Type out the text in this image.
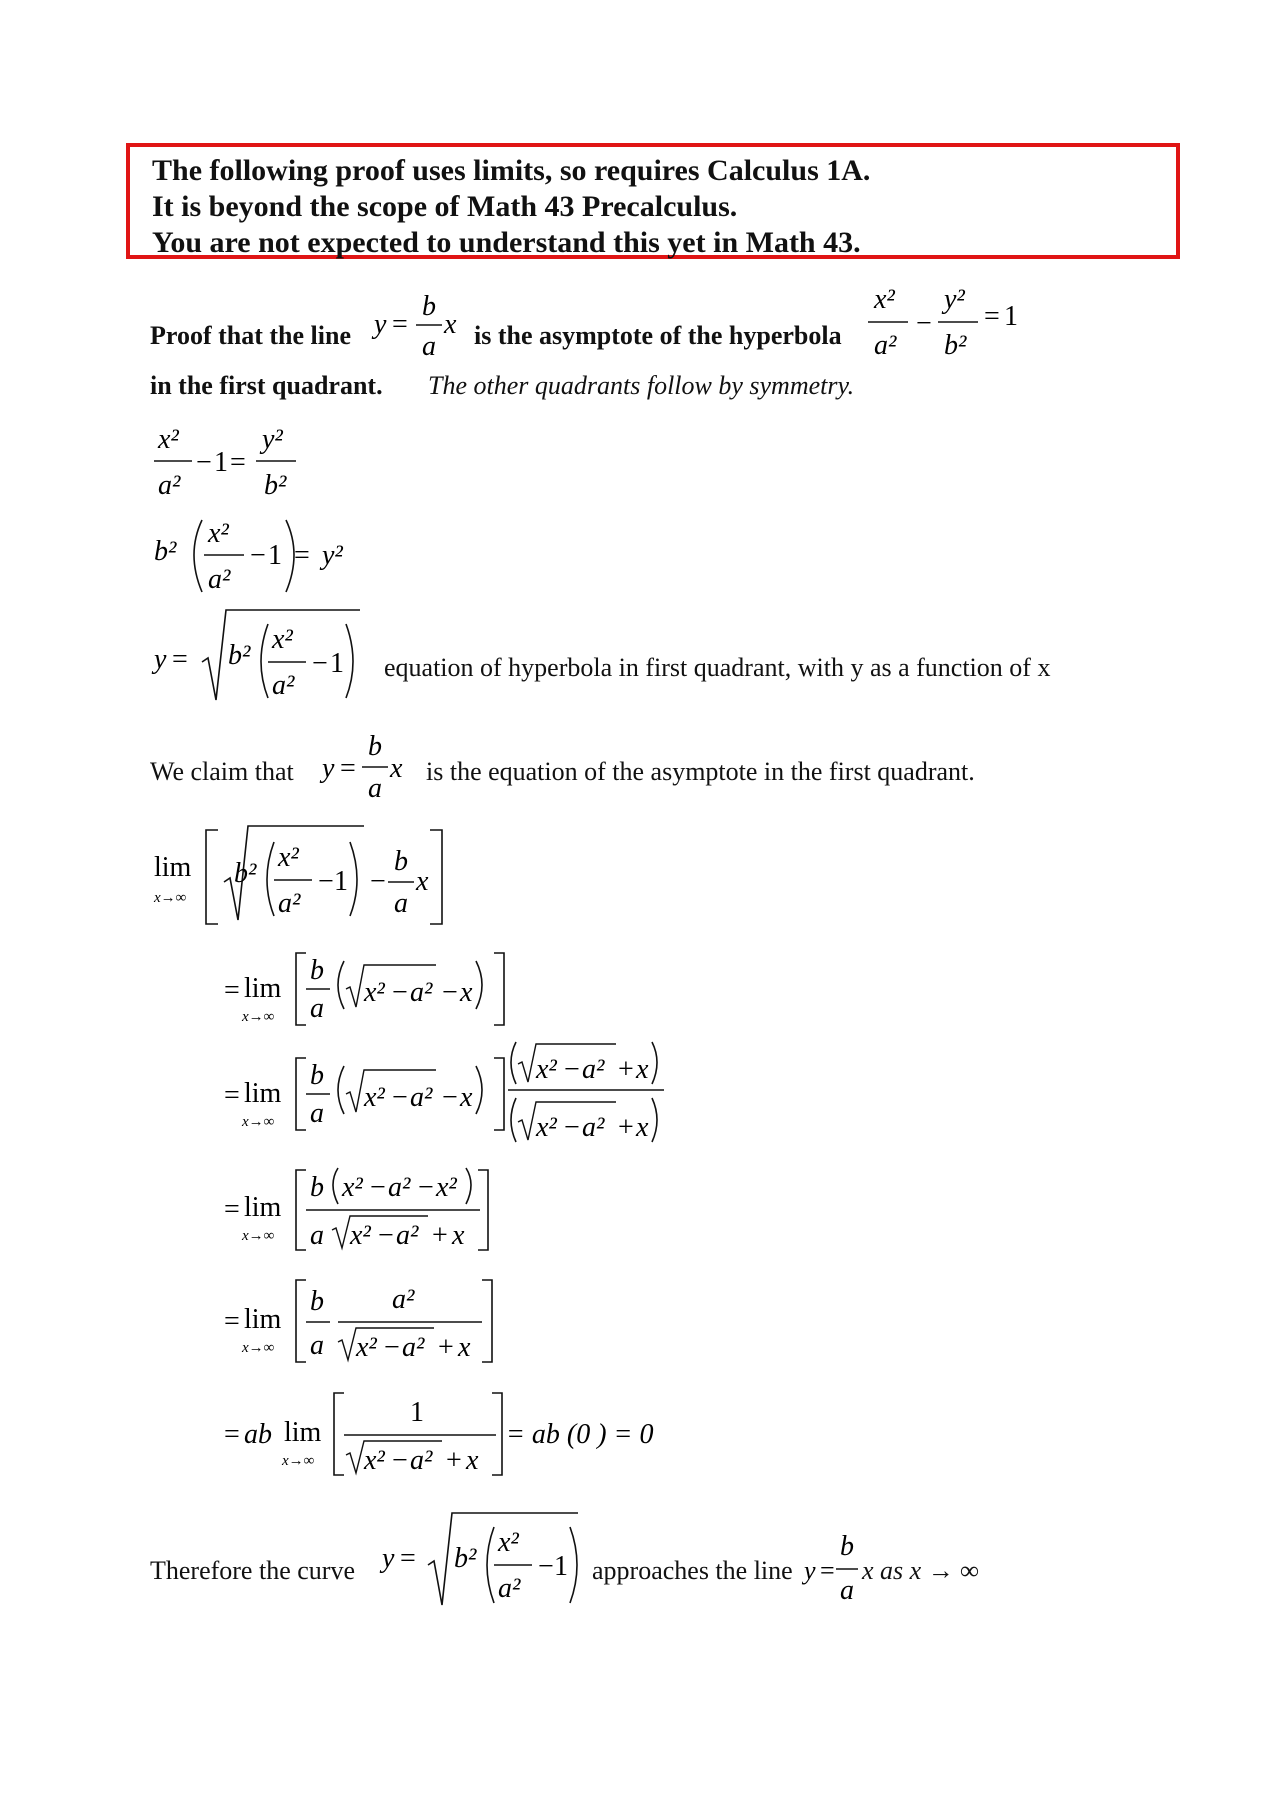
The following proof uses limits, so requires Calculus 1A.
It is beyond the scope of Math 43 Precalculus.
You are not expected to understand this yet in Math 43.
Proof that the line y =
b
a
x is the asymptote of the hyperbola
x²
a²
−
y²
b²
= 1
in the first quadrant. The other quadrants follow by symmetry.
x²
a²
− 1 =
y²
b²
b²
x²
a²
− 1 = y²
y = b²
x²
a²
− 1 equation of hyperbola in first quadrant, with y as a function of x
We claim that y =
b
a
x is the equation of the asymptote in the first quadrant.
lim
x→∞
b²
x²
a²
− 1 −
b
a
x
= lim
x→∞
b
a
x² − a² − x
= lim
x→∞
b
a
x² − a² − x
x² − a² + x
x² − a² + x
= lim
x→∞
b x² − a² − x²
a x² − a² + x
= lim
x→∞
b
a
a²
x² − a² + x
= ab lim
x→∞
1
x² − a² + x
= ab (0 ) = 0
Therefore the curve y = b²
x²
a²
− 1 approaches the line y =
b
a
x as x → ∞
